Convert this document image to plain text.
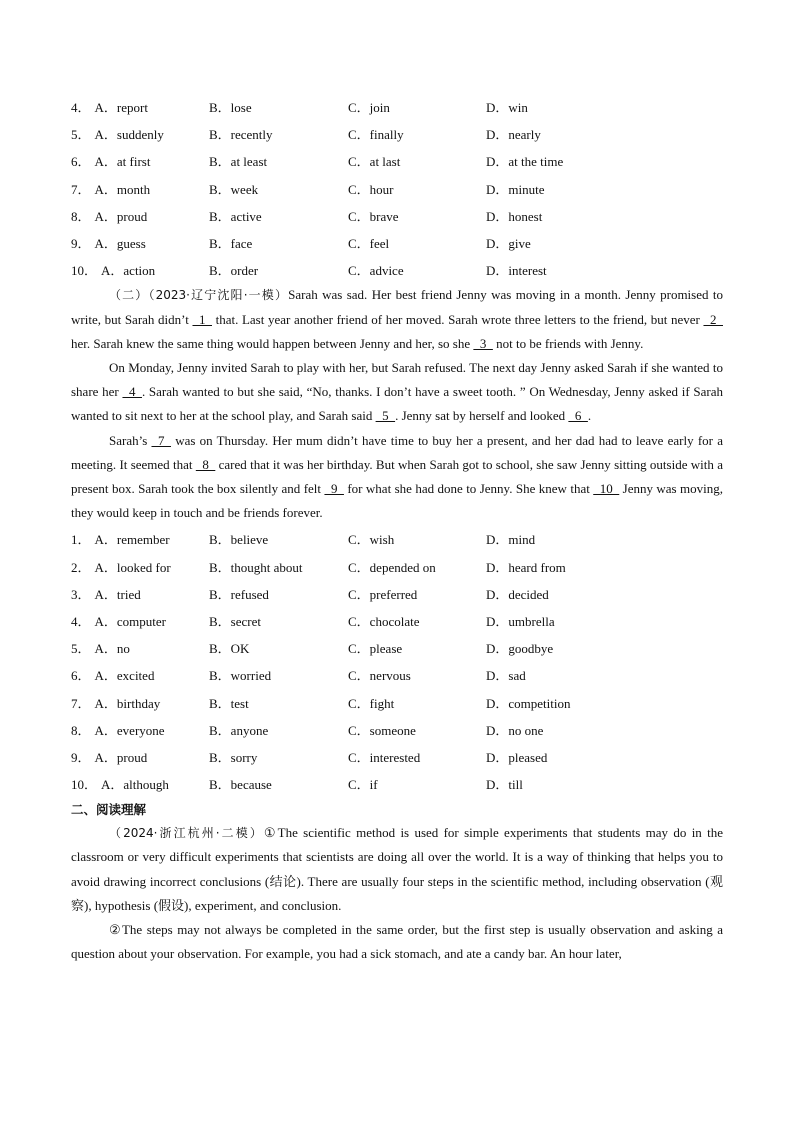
4． A．report	B．lose	C．join	D．win
5． A．suddenly	B．recently	C．finally	D．nearly
6． A．at first	B．at least	C．at last	D．at the time
7． A．month	B．week	C．hour	D．minute
8． A．proud	B．active	C．brave	D．honest
9． A．guess	B．face	C．feel	D．give
10． A．action	B．order	C．advice	D．interest

（二）（2023·辽宁沈阳·一模）Sarah was sad. Her best friend Jenny was moving in a month. Jenny promised to write, but Sarah didn’t   1   that. Last year another friend of her moved. Sarah wrote three letters to the friend, but never   2   her. Sarah knew the same thing would happen between Jenny and her, so she   3   not to be friends with Jenny.

On Monday, Jenny invited Sarah to play with her, but Sarah refused. The next day Jenny asked Sarah if she wanted to share her   4  . Sarah wanted to but she said, “No, thanks. I don’t have a sweet tooth. ” On Wednesday, Jenny asked if Sarah wanted to sit next to her at the school play, and Sarah said   5  . Jenny sat by herself and looked   6  .

Sarah’s   7   was on Thursday. Her mum didn’t have time to buy her a present, and her dad had to leave early for a meeting. It seemed that   8   cared that it was her birthday. But when Sarah got to school, she saw Jenny sitting outside with a present box. Sarah took the box silently and felt   9   for what she had done to Jenny. She knew that   10   Jenny was moving, they would keep in touch and be friends forever.

1． A．remember	B．believe	C．wish	D．mind
2． A．looked for	B．thought about	C．depended on	D．heard from
3． A．tried	B．refused	C．preferred	D．decided
4． A．computer	B．secret	C．chocolate	D．umbrella
5． A．no	B．OK	C．please	D．goodbye
6． A．excited	B．worried	C．nervous	D．sad
7． A．birthday	B．test	C．fight	D．competition
8． A．everyone	B．anyone	C．someone	D．no one
9． A．proud	B．sorry	C．interested	D．pleased
10． A．although	B．because	C．if	D．till
二、阅读理解

（2024·浙江杭州·二模）①The scientific method is used for simple experiments that students may do in the classroom or very difficult experiments that scientists are doing all over the world. It is a way of thinking that helps you to avoid drawing incorrect conclusions (结论). There are usually four steps in the scientific method, including observation (观察), hypothesis (假设), experiment, and conclusion.

②The steps may not always be completed in the same order, but the first step is usually observation and asking a question about your observation. For example, you had a sick stomach, and ate a candy bar. An hour later,
